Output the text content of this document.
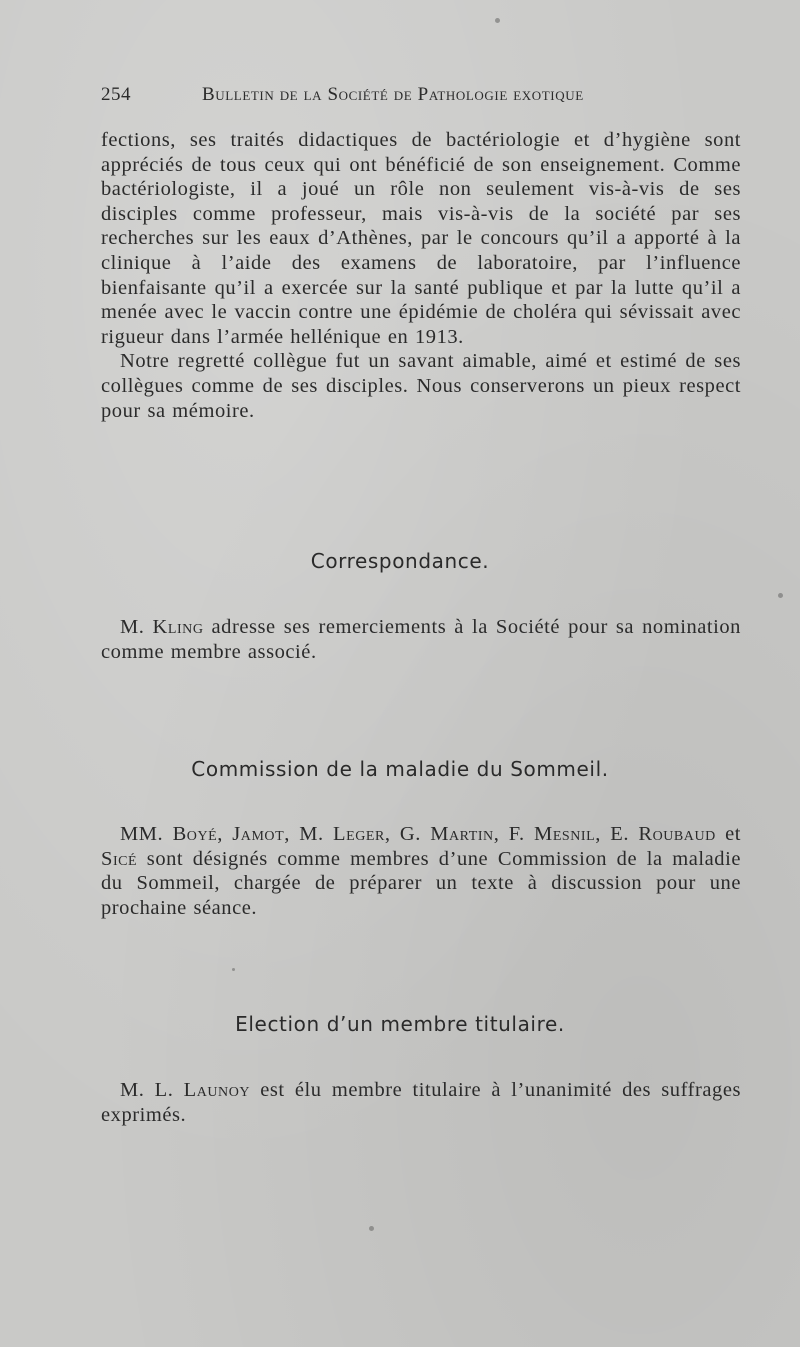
254	Bulletin de la Société de Pathologie exotique

fections, ses traités didactiques de bactériologie et d’hygiène sont appréciés de tous ceux qui ont bénéficié de son enseignement. Comme bactériologiste, il a joué un rôle non seulement vis-à-vis de ses disciples comme professeur, mais vis-à-vis de la société par ses recherches sur les eaux d’Athènes, par le concours qu’il a apporté à la clinique à l’aide des examens de laboratoire, par l’influence bienfaisante qu’il a exercée sur la santé publique et par la lutte qu’il a menée avec le vaccin contre une épidémie de choléra qui sévissait avec rigueur dans l’armée hellénique en 1913.

Notre regretté collègue fut un savant aimable, aimé et estimé de ses collègues comme de ses disciples. Nous conserverons un pieux respect pour sa mémoire.

Correspondance.

M. Kling adresse ses remerciements à la Société pour sa nomination comme membre associé.

Commission de la maladie du Sommeil.

MM. Boyé, Jamot, M. Leger, G. Martin, F. Mesnil, E. Roubaud et Sicé sont désignés comme membres d’une Commission de la maladie du Sommeil, chargée de préparer un texte à discussion pour une prochaine séance.

Election d’un membre titulaire.

M. L. Launoy est élu membre titulaire à l’unanimité des suffrages exprimés.
